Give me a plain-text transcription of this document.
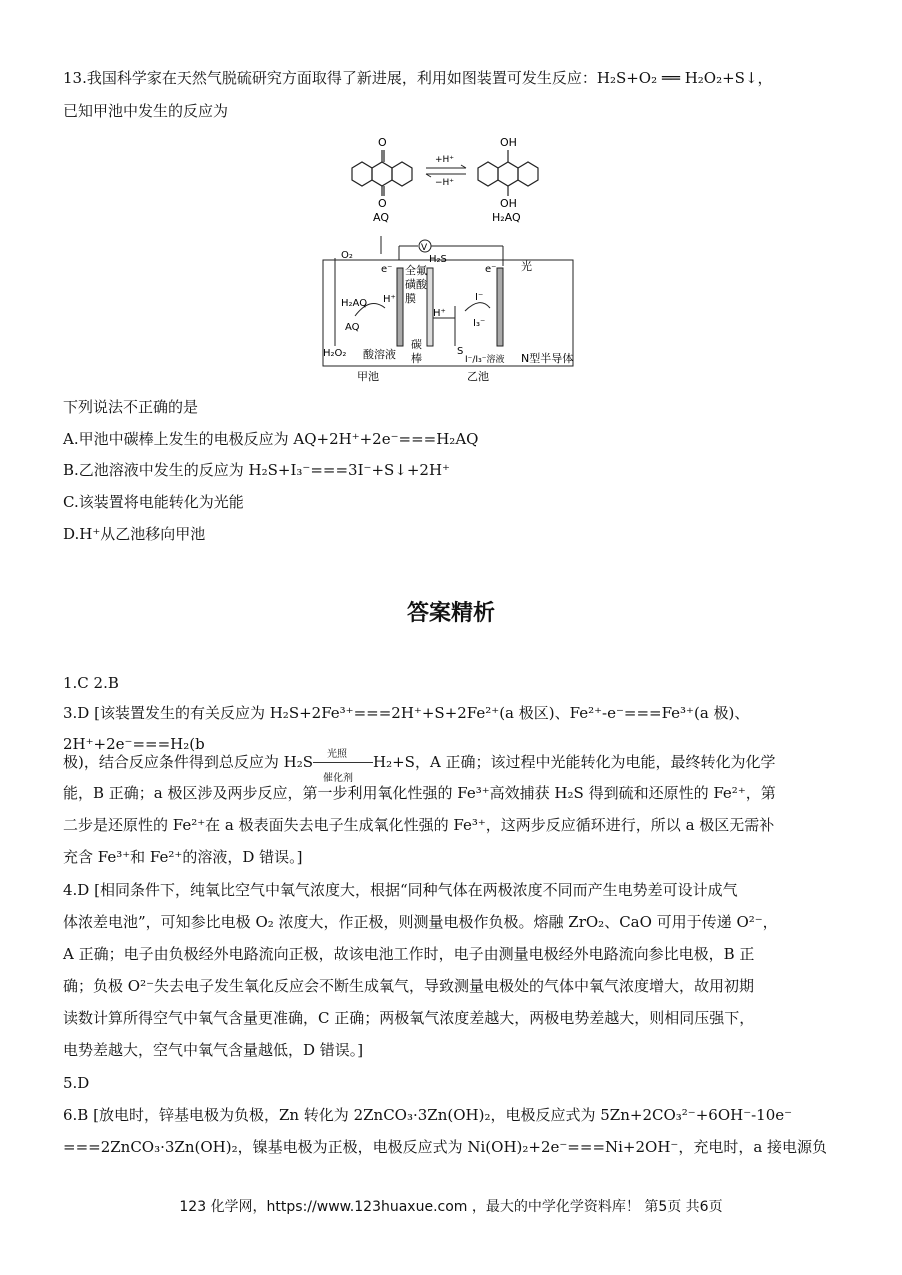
13.我国科学家在天然气脱硫研究方面取得了新进展，利用如图装置可发生反应：H₂S+O₂ ══ H₂O₂+S↓，
已知甲池中发生的反应为
O
O
AQ
+H⁺
−H⁺
OH
OH
H₂AQ
O₂
V
H₂S
e⁻	e⁻
全氟
磺酸
膜
H⁺
H⁺
H₂AQ
AQ
H₂O₂ 酸溶液
碳
棒
I⁻
I₃⁻
S
I⁻/I₃⁻溶液
光
N型半导体
甲池	乙池
下列说法不正确的是
A.甲池中碳棒上发生的电极反应为 AQ+2H⁺+2e⁻===H₂AQ
B.乙池溶液中发生的反应为 H₂S+I₃⁻===3I⁻+S↓+2H⁺
C.该装置将电能转化为光能
D.H⁺从乙池移向甲池
答案精析
1.C 2.B
3.D [该装置发生的有关反应为 H₂S+2Fe³⁺===2H⁺+S+2Fe²⁺(a 极区)、Fe²⁺-e⁻===Fe³⁺(a 极)、2H⁺+2e⁻===H₂(b
极)，结合反应条件得到总反应为 H₂S 光照
催化剂
H₂+S，A 正确；该过程中光能转化为电能，最终转化为化学
能，B 正确；a 极区涉及两步反应，第一步利用氧化性强的 Fe³⁺高效捕获 H₂S 得到硫和还原性的 Fe²⁺，第
二步是还原性的 Fe²⁺在 a 极表面失去电子生成氧化性强的 Fe³⁺，这两步反应循环进行，所以 a 极区无需补
充含 Fe³⁺和 Fe²⁺的溶液，D 错误。]
4.D [相同条件下，纯氧比空气中氧气浓度大，根据“同种气体在两极浓度不同而产生电势差可设计成气
体浓差电池”，可知参比电极 O₂ 浓度大，作正极，则测量电极作负极。熔融 ZrO₂、CaO 可用于传递 O²⁻，
A 正确；电子由负极经外电路流向正极，故该电池工作时，电子由测量电极经外电路流向参比电极，B 正
确；负极 O²⁻失去电子发生氧化反应会不断生成氧气，导致测量电极处的气体中氧气浓度增大，故用初期
读数计算所得空气中氧气含量更准确，C 正确；两极氧气浓度差越大，两极电势差越大，则相同压强下，
电势差越大，空气中氧气含量越低，D 错误。]
5.D
6.B [放电时，锌基电极为负极，Zn 转化为 2ZnCO₃·3Zn(OH)₂，电极反应式为 5Zn+2CO₃²⁻+6OH⁻-10e⁻
===2ZnCO₃·3Zn(OH)₂，镍基电极为正极，电极反应式为 Ni(OH)₂+2e⁻===Ni+2OH⁻，充电时，a 接电源负
123 化学网，https://www.123huaxue.com ，最大的中学化学资料库！ 第5页 共6页
